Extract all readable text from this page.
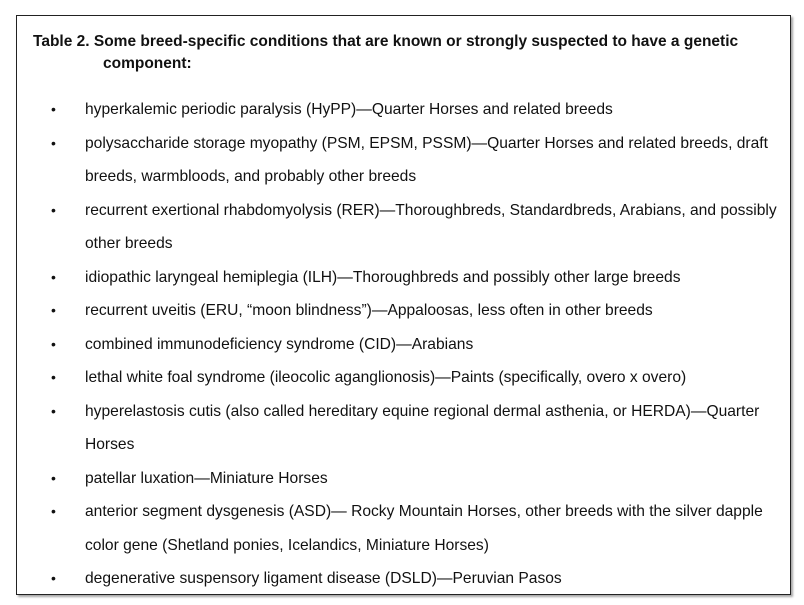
Table 2. Some breed-specific conditions that are known or strongly suspected to have a genetic
component:
• hyperkalemic periodic paralysis (HyPP)—Quarter Horses and related breeds
• polysaccharide storage myopathy (PSM, EPSM, PSSM)—Quarter Horses and related breeds, draft breeds, warmbloods, and probably other breeds
• recurrent exertional rhabdomyolysis (RER)—Thoroughbreds, Standardbreds, Arabians, and possibly other breeds
• idiopathic laryngeal hemiplegia (ILH)—Thoroughbreds and possibly other large breeds
• recurrent uveitis (ERU, “moon blindness”)—Appaloosas, less often in other breeds
• combined immunodeficiency syndrome (CID)—Arabians
• lethal white foal syndrome (ileocolic aganglionosis)—Paints (specifically, overo x overo)
• hyperelastosis cutis (also called hereditary equine regional dermal asthenia, or HERDA)—Quarter Horses
• patellar luxation—Miniature Horses
• anterior segment dysgenesis (ASD)— Rocky Mountain Horses, other breeds with the silver dapple color gene (Shetland ponies, Icelandics, Miniature Horses)
• degenerative suspensory ligament disease (DSLD)—Peruvian Pasos
